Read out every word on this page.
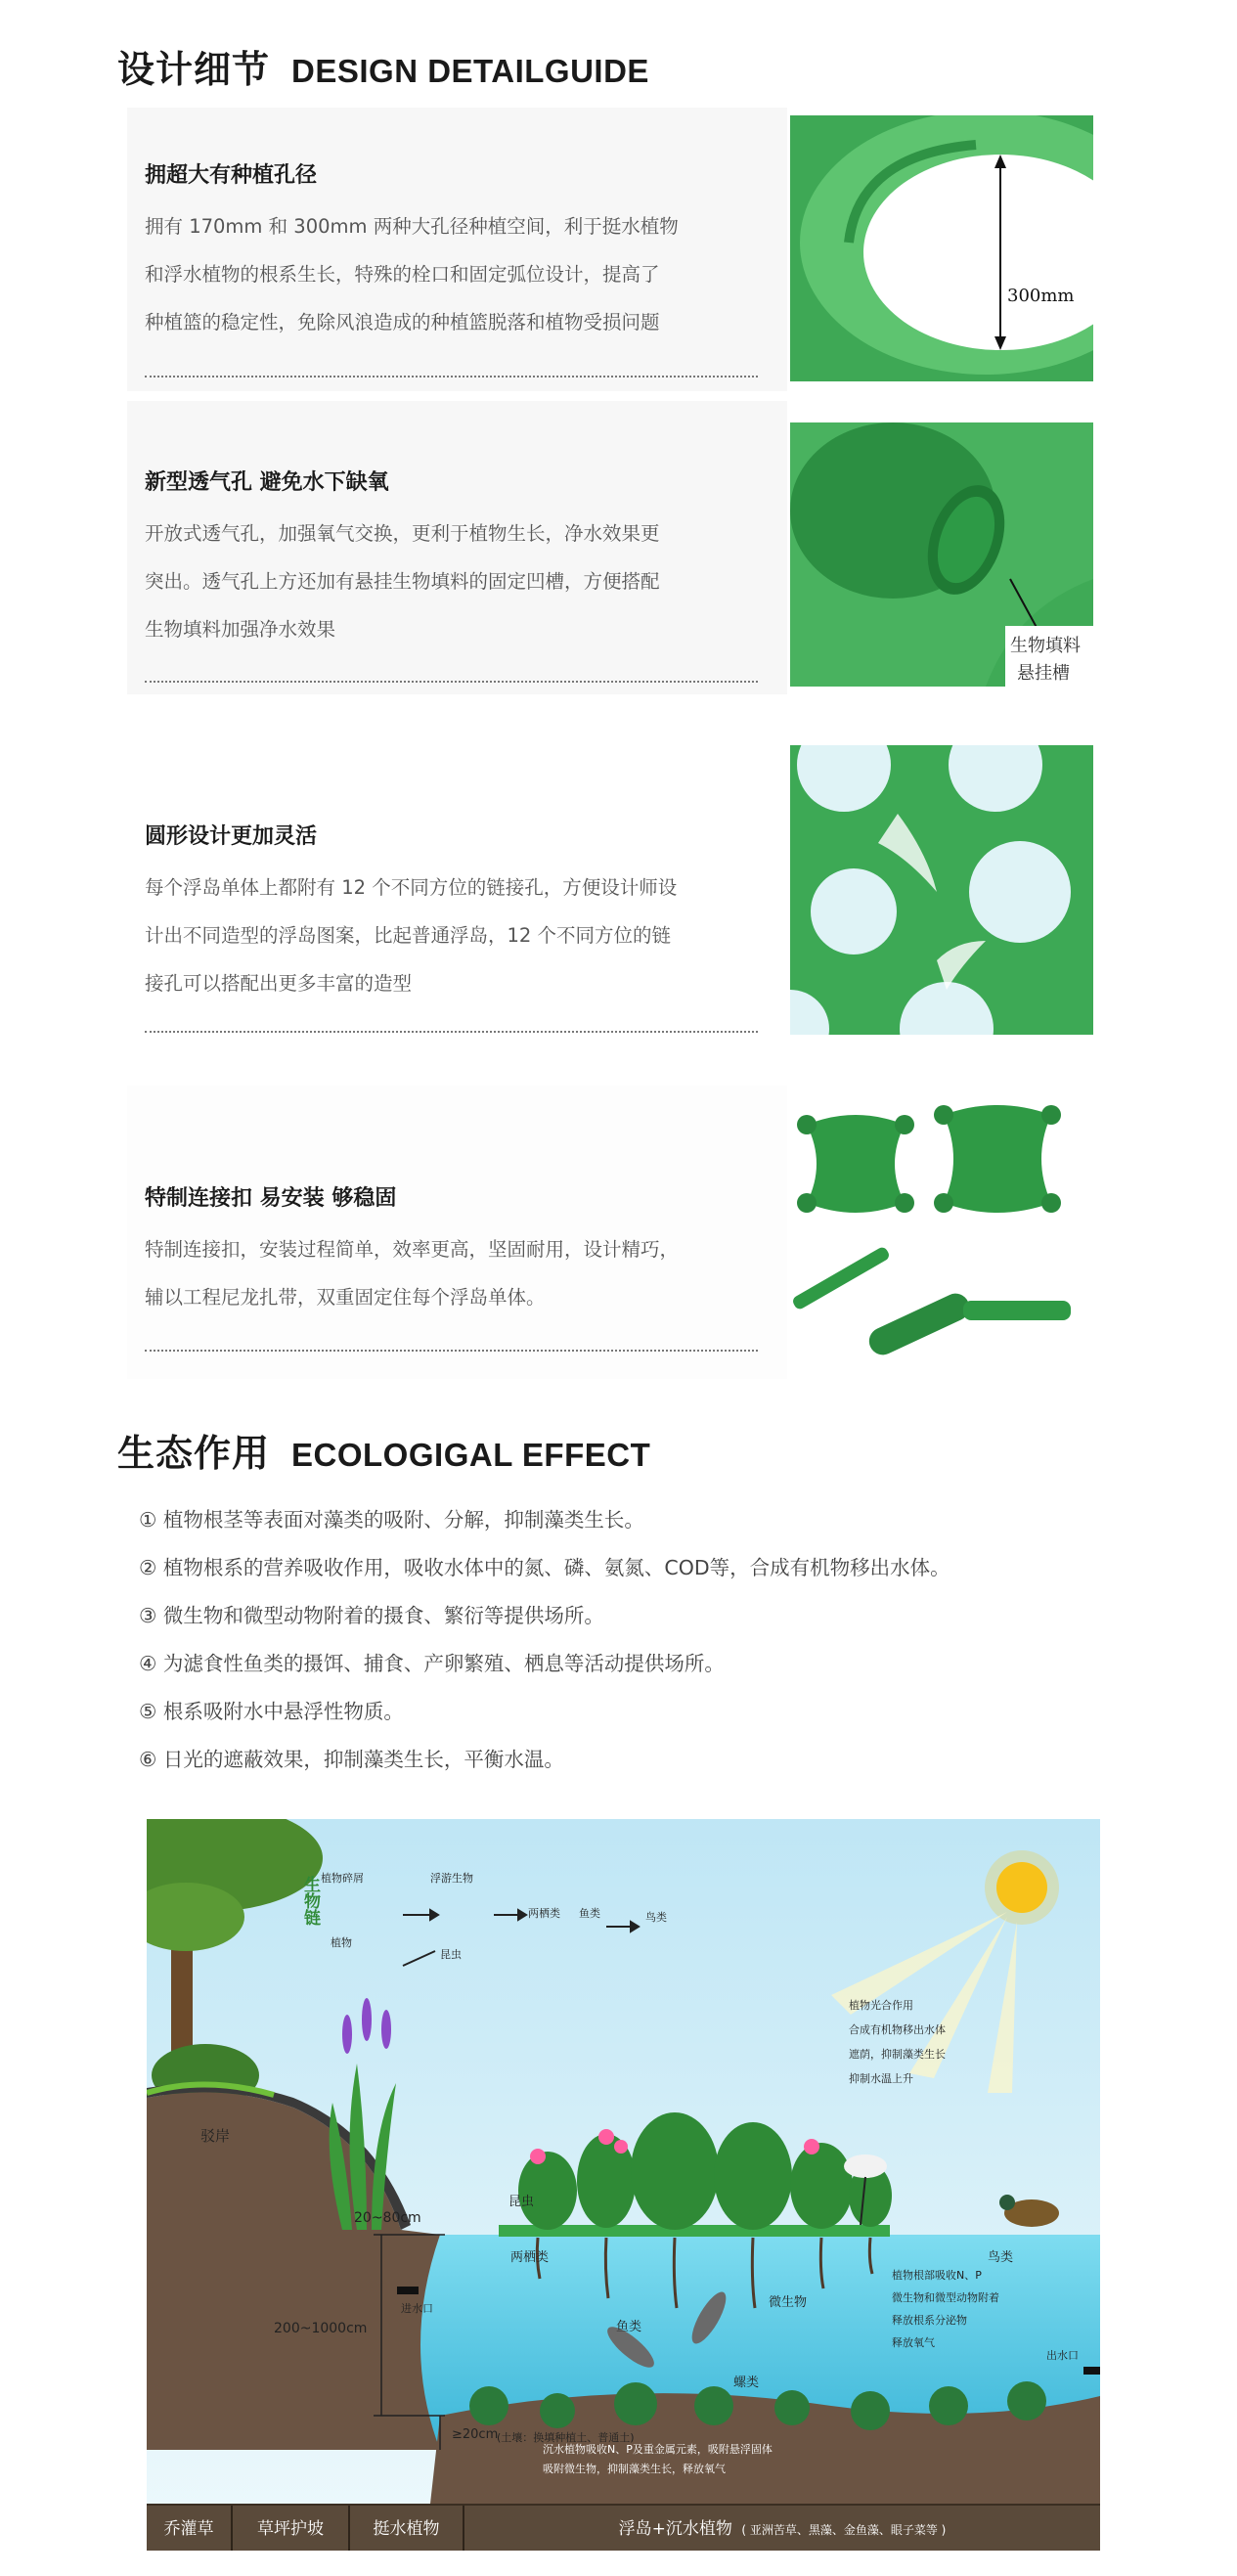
设计细节 DESIGN DETAILGUIDE
拥超大有种植孔径

拥有 170mm 和 300mm 两种大孔径种植空间，利于挺水植物

和浮水植物的根系生长，特殊的栓口和固定弧位设计，提高了

种植篮的稳定性，免除风浪造成的种植篮脱落和植物受损问题

300mm
新型透气孔 避免水下缺氧

开放式透气孔，加强氧气交换，更利于植物生长，净水效果更

突出。透气孔上方还加有悬挂生物填料的固定凹槽，方便搭配

生物填料加强净水效果

生物填料
悬挂槽
圆形设计更加灵活

每个浮岛单体上都附有 12 个不同方位的链接孔，方便设计师设

计出不同造型的浮岛图案，比起普通浮岛，12 个不同方位的链

接孔可以搭配出更多丰富的造型

特制连接扣 易安装 够稳固

特制连接扣，安装过程简单，效率更高，坚固耐用，设计精巧，

辅以工程尼龙扎带，双重固定住每个浮岛单体。

生态作用 ECOLOGIGAL EFFECT
① 植物根茎等表面对藻类的吸附、分解，抑制藻类生长。
② 植物根系的营养吸收作用，吸收水体中的氮、磷、氨氮、COD等，合成有机物移出水体。
③ 微生物和微型动物附着的摄食、繁衍等提供场所。
④ 为滤食性鱼类的摄饵、捕食、产卵繁殖、栖息等活动提供场所。
⑤ 根系吸附水中悬浮性物质。
⑥ 日光的遮蔽效果，抑制藻类生长，平衡水温。
生物链 植物碎屑	浮游生物
植物
昆虫
两栖类 鱼类	鸟类
植物光合作用
合成有机物移出水体
遮荫，抑制藻类生长
抑制水温上升
植物根部吸收N、P
微生物和微型动物附着
释放根系分泌物
释放氧气
沉水植物吸收N、P及重金属元素，吸附悬浮固体
吸附微生物，抑制藻类生长，释放氧气
驳岸
昆虫
两栖类	鸟类
鱼类
微生物
螺类
进水口
出水口
20~80cm
200~1000cm
≥20cm
(土壤：换填种植土、普通土)
乔灌草	草坪护坡	挺水植物	浮岛+沉水植物 ( 亚洲苦草、黑藻、金鱼藻、眼子菜等 )
